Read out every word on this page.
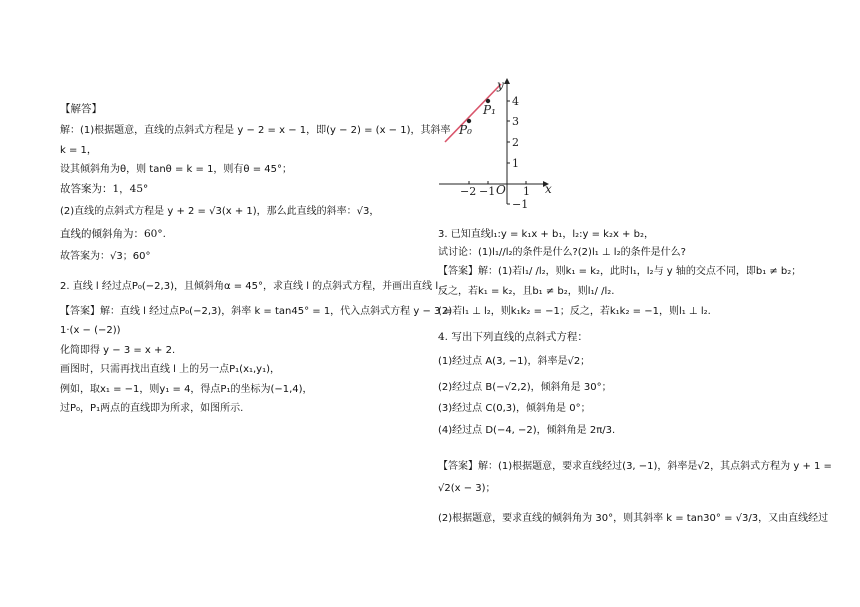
【解答】
解：(1)根据题意，直线的点斜式方程是 y − 2 = x − 1，即(y − 2) = (x − 1)，其斜率
k = 1，
设其倾斜角为θ，则 tanθ = k = 1，则有θ = 45°；
故答案为：1，45°
(2)直线的点斜式方程是 y + 2 = √3(x + 1)，那么此直线的斜率：√3，
直线的倾斜角为：60°.
故答案为：√3；60°
2. 直线 l 经过点P₀(−2,3)，且倾斜角α = 45°，求直线 l 的点斜式方程，并画出直线 l.
【答案】解：直线 l 经过点P₀(−2,3)，斜率 k = tan45° = 1，代入点斜式方程 y − 3 =
1·(x − (−2))
化简即得 y − 3 = x + 2.
画图时，只需再找出直线 l 上的另一点P₁(x₁,y₁)，
例如，取x₁ = −1，则y₁ = 4，得点P₁的坐标为(−1,4)，
过P₀，P₁两点的直线即为所求，如图所示.
y
x
O
P₁
P₀
−2 −1	1
4
3
2
1
−1
3. 已知直线l₁:y = k₁x + b₁，l₂:y = k₂x + b₂，
试讨论：(1)l₁//l₂的条件是什么?(2)l₁ ⊥ l₂的条件是什么?
【答案】解：(1)若l₁/ /l₂，则k₁ = k₂，此时l₁，l₂与 y 轴的交点不同，即b₁ ≠ b₂；
反之，若k₁ = k₂，且b₁ ≠ b₂，则l₁/ /l₂.
(2)若l₁ ⊥ l₂，则k₁k₂ = −1；反之，若k₁k₂ = −1，则l₁ ⊥ l₂.
4. 写出下列直线的点斜式方程：
(1)经过点 A(3, −1)，斜率是√2；
(2)经过点 B(−√2,2)，倾斜角是 30°；
(3)经过点 C(0,3)，倾斜角是 0°；
(4)经过点 D(−4, −2)，倾斜角是 2π/3.
【答案】解：(1)根据题意，要求直线经过(3, −1)，斜率是√2，其点斜式方程为 y + 1 =
√2(x − 3)；
(2)根据题意，要求直线的倾斜角为 30°，则其斜率 k = tan30° = √3/3，又由直线经过
